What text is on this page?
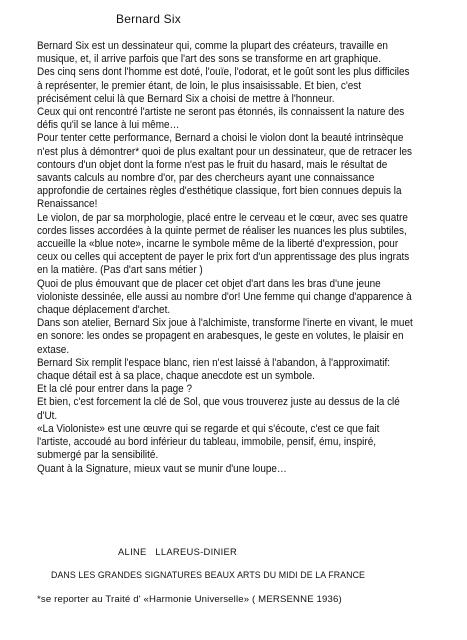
Bernard Six

Bernard Six est un dessinateur qui, comme la plupart des créateurs, travaille en musique, et, il arrive parfois que l'art des sons se transforme en art graphique.

Des cinq sens dont l'homme est doté, l'ouïe, l'odorat, et le goût sont les plus difficiles à représenter, le premier étant, de loin, le plus insaisissable. Et bien, c'est précisément celui là que Bernard Six a choisi de mettre à l'honneur.

Ceux qui ont rencontré l'artiste ne seront pas étonnés, ils connaissent la nature des défis qu'il se lance à lui même…

Pour tenter cette performance, Bernard a choisi le violon dont la beauté intrinsèque n'est plus à démontrer* quoi de plus exaltant pour un dessinateur, que de retracer les contours d'un objet dont la forme n'est pas le fruit du hasard, mais le résultat de savants calculs au nombre d'or, par des chercheurs ayant une connaissance approfondie de certaines règles d'esthétique classique, fort bien connues depuis la Renaissance!

Le violon, de par sa morphologie, placé entre le cerveau et le cœur, avec ses quatre cordes lisses accordées à la quinte permet de réaliser les nuances les plus subtiles, accueille la «blue note», incarne le symbole même de la liberté d'expression, pour ceux ou celles qui acceptent de payer le prix fort d'un apprentissage des plus ingrats en la matière. (Pas d'art sans métier )

Quoi de plus émouvant que de placer cet objet d'art dans les bras d'une jeune violoniste dessinée, elle aussi au nombre d'or! Une femme qui change d'apparence à chaque déplacement d'archet.

Dans son atelier, Bernard Six joue à l'alchimiste, transforme l'inerte en vivant, le muet en sonore: les ondes se propagent en arabesques, le geste en volutes, le plaisir en extase.

Bernard Six remplit l'espace blanc, rien n'est laissé à l'abandon, à l'approximatif: chaque détail est à sa place, chaque anecdote est un symbole.

Et la clé pour entrer dans la page ?

Et bien, c'est forcement la clé de Sol, que vous trouverez juste au dessus de la clé d'Ut.

«La Violoniste» est une œuvre qui se regarde et qui s'écoute, c'est ce que fait l'artiste, accoudé au bord inférieur du tableau, immobile, pensif, ému, inspiré, submergé par la sensibilité.

Quant à la Signature, mieux vaut se munir d'une loupe…

ALINE   LLAREUS-DINIER
DANS LES GRANDES SIGNATURES BEAUX ARTS DU MIDI DE LA FRANCE
*se reporter au Traité d' «Harmonie Universelle» ( MERSENNE 1936)
